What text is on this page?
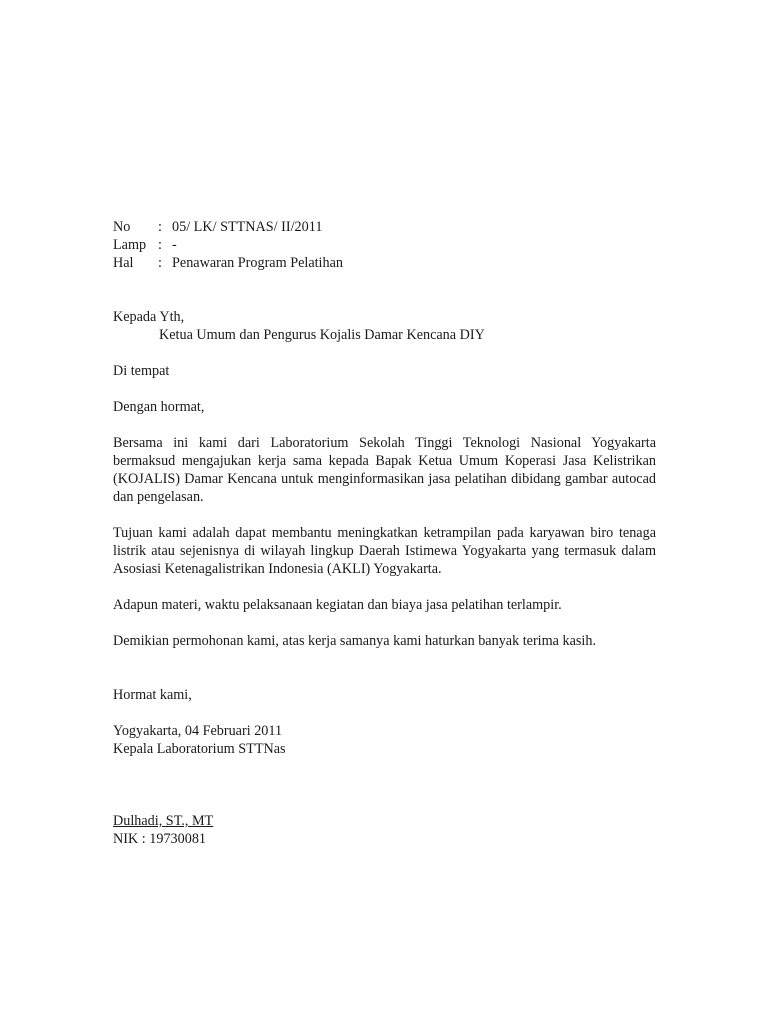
No	: 05/ LK/ STTNAS/ II/2011
Lamp : -
Hal	: Penawaran Program Pelatihan

Kepada Yth,

Ketua Umum dan Pengurus Kojalis Damar Kencana DIY

Di tempat

Dengan hormat,

Bersama ini kami dari Laboratorium Sekolah Tinggi Teknologi Nasional Yogyakarta bermaksud mengajukan kerja sama kepada Bapak Ketua Umum Koperasi Jasa Kelistrikan (KOJALIS) Damar Kencana untuk menginformasikan jasa pelatihan dibidang gambar autocad dan pengelasan.

Tujuan kami adalah dapat membantu meningkatkan ketrampilan pada karyawan biro tenaga listrik atau sejenisnya di wilayah lingkup Daerah Istimewa Yogyakarta yang termasuk dalam Asosiasi Ketenagalistrikan Indonesia (AKLI) Yogyakarta.

Adapun materi, waktu pelaksanaan kegiatan dan biaya jasa pelatihan terlampir.

Demikian permohonan kami, atas kerja samanya kami haturkan banyak terima kasih.

Hormat kami,

Yogyakarta, 04 Februari 2011

Kepala Laboratorium STTNas

Dulhadi, ST., MT

NIK : 19730081
